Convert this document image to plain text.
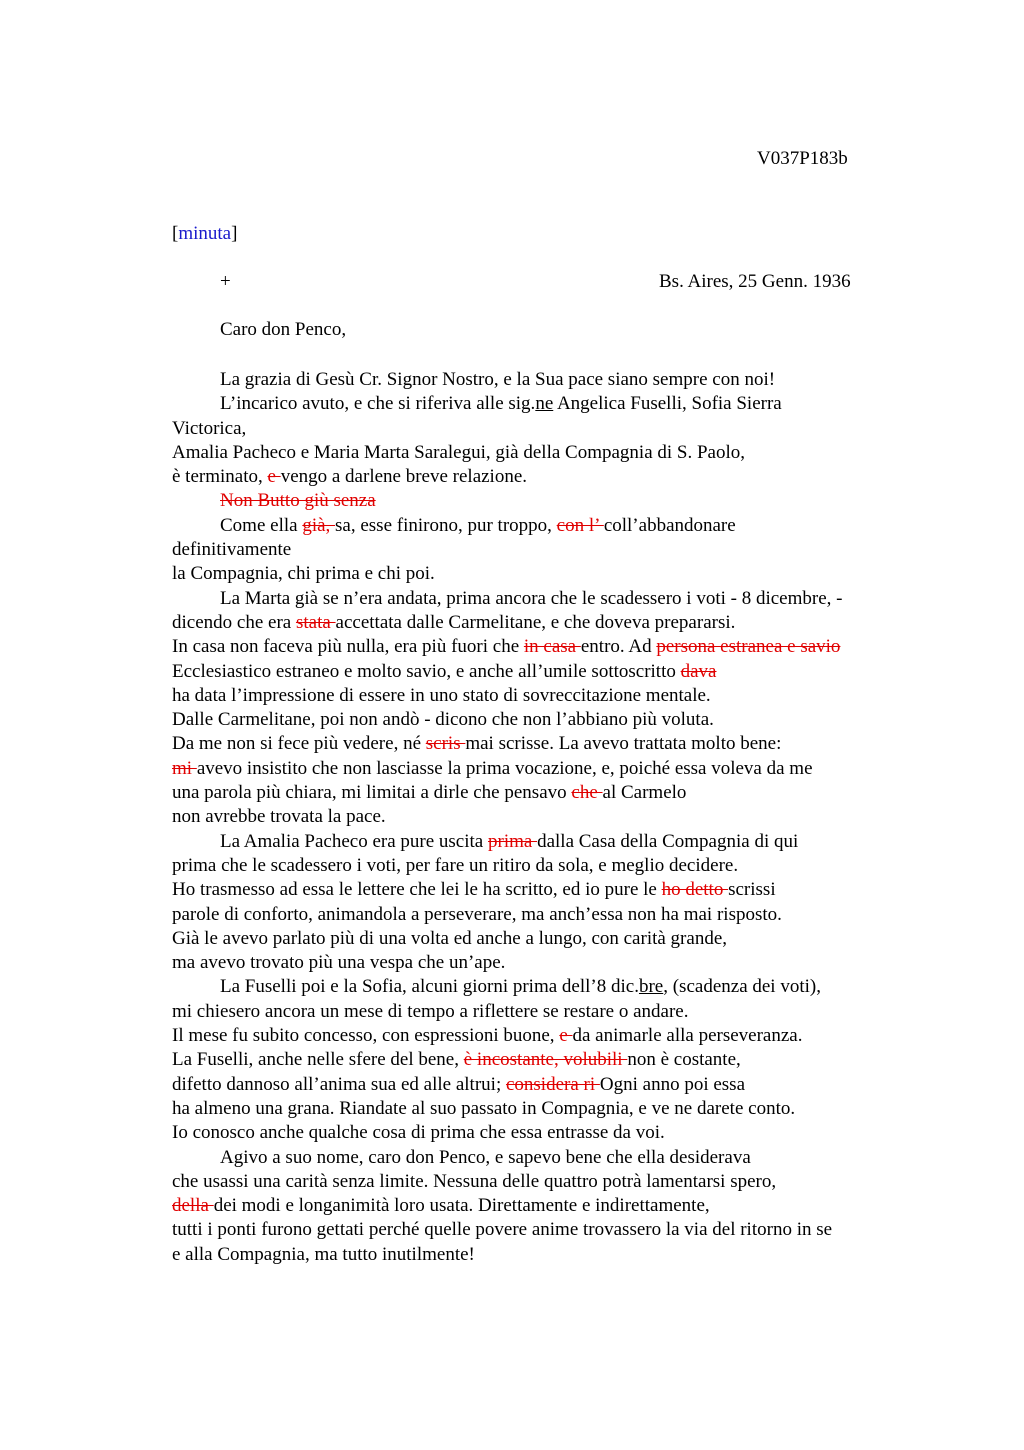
V037P183b
[minuta]
+	Bs. Aires, 25 Genn. 1936
Caro don Penco,
La grazia di Gesù Cr. Signor Nostro, e la Sua pace siano sempre con noi!
L’incarico avuto, e che si riferiva alle sig.ne Angelica Fuselli, Sofia Sierra
Victorica,
Amalia Pacheco e Maria Marta Saralegui, già della Compagnia di S. Paolo,
è terminato, e vengo a darlene breve relazione.
Non Butto giù senza
Come ella già, sa, esse finirono, pur troppo, con l’ coll’abbandonare
definitivamente
la Compagnia, chi prima e chi poi.
La Marta già se n’era andata, prima ancora che le scadessero i voti - 8 dicembre, -
dicendo che era stata accettata dalle Carmelitane, e che doveva prepararsi.
In casa non faceva più nulla, era più fuori che in casa entro. Ad persona estranea e savio
Ecclesiastico estraneo e molto savio, e anche all’umile sottoscritto dava
ha data l’impressione di essere in uno stato di sovreccitazione mentale.
Dalle Carmelitane, poi non andò - dicono che non l’abbiano più voluta.
Da me non si fece più vedere, né scris mai scrisse. La avevo trattata molto bene:
mi avevo insistito che non lasciasse la prima vocazione, e, poiché essa voleva da me
una parola più chiara, mi limitai a dirle che pensavo che al Carmelo
non avrebbe trovata la pace.
La Amalia Pacheco era pure uscita prima dalla Casa della Compagnia di qui
prima che le scadessero i voti, per fare un ritiro da sola, e meglio decidere.
Ho trasmesso ad essa le lettere che lei le ha scritto, ed io pure le ho detto scrissi
parole di conforto, animandola a perseverare, ma anch’essa non ha mai risposto.
Già le avevo parlato più di una volta ed anche a lungo, con carità grande,
ma avevo trovato più una vespa che un’ape.
La Fuselli poi e la Sofia, alcuni giorni prima dell’8 dic.bre, (scadenza dei voti),
mi chiesero ancora un mese di tempo a riflettere se restare o andare.
Il mese fu subito concesso, con espressioni buone, e da animarle alla perseveranza.
La Fuselli, anche nelle sfere del bene, è incostante, volubili non è costante,
difetto dannoso all’anima sua ed alle altrui; considera ri Ogni anno poi essa
ha almeno una grana. Riandate al suo passato in Compagnia, e ve ne darete conto.
Io conosco anche qualche cosa di prima che essa entrasse da voi.
Agivo a suo nome, caro don Penco, e sapevo bene che ella desiderava
che usassi una carità senza limite. Nessuna delle quattro potrà lamentarsi spero,
della dei modi e longanimità loro usata. Direttamente e indirettamente,
tutti i ponti furono gettati perché quelle povere anime trovassero la via del ritorno in se
e alla Compagnia, ma tutto inutilmente!
